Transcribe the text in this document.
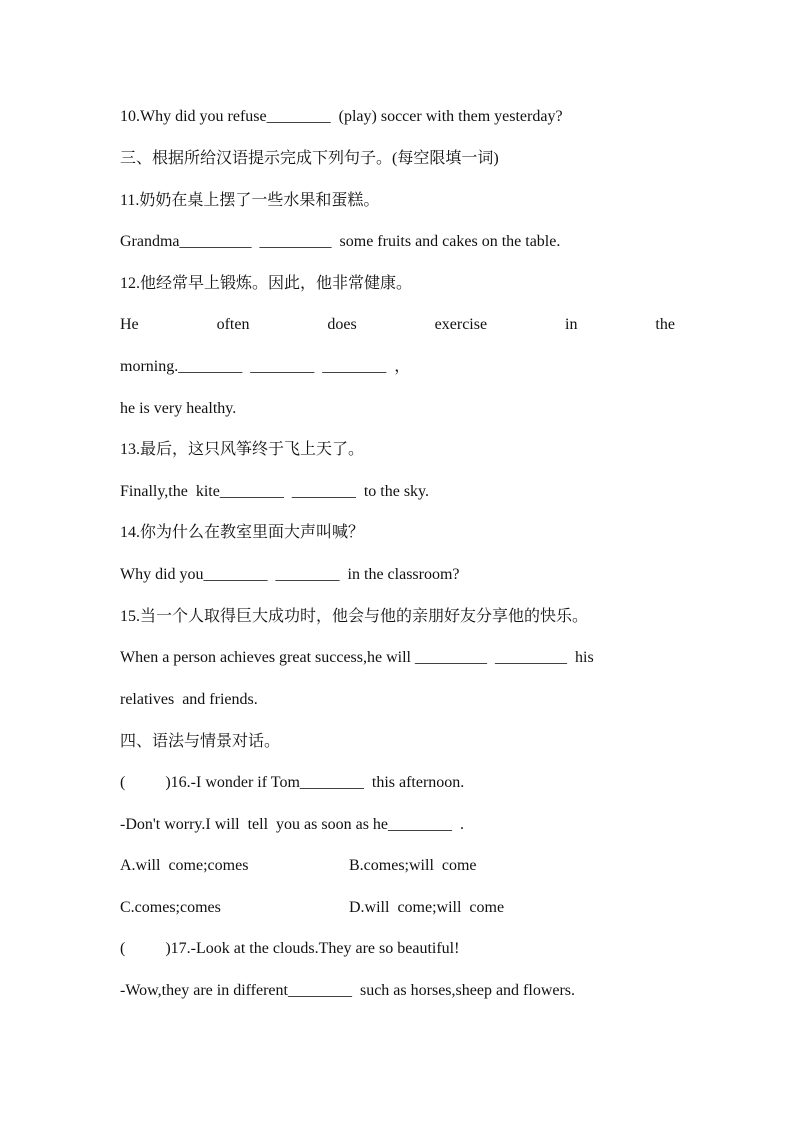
10.Why did you refuse________  (play) soccer with them yesterday?
三、根据所给汉语提示完成下列句子。(每空限填一词)
11.奶奶在桌上摆了一些水果和蛋糕。
Grandma_________  _________  some fruits and cakes on the table.
12.他经常早上锻炼。因此，他非常健康。
He	often	does	exercise	in	the
morning.________  ________  ________  ，
he is very healthy.
13.最后，这只风筝终于飞上天了。
Finally,the  kite________  ________  to the sky.
14.你为什么在教室里面大声叫喊？
Why did you________  ________  in the classroom?
15.当一个人取得巨大成功时，他会与他的亲朋好友分享他的快乐。
When a person achieves great success,he will _________  _________  his
relatives  and friends.
四、语法与情景对话。
(          )16.-I wonder if Tom________  this afternoon.
-Don't worry.I will  tell  you as soon as he________  .
A.will  come;comes	B.comes;will  come
C.comes;comes	D.will  come;will  come
(          )17.-Look at the clouds.They are so beautiful!
-Wow,they are in different________  such as horses,sheep and flowers.
